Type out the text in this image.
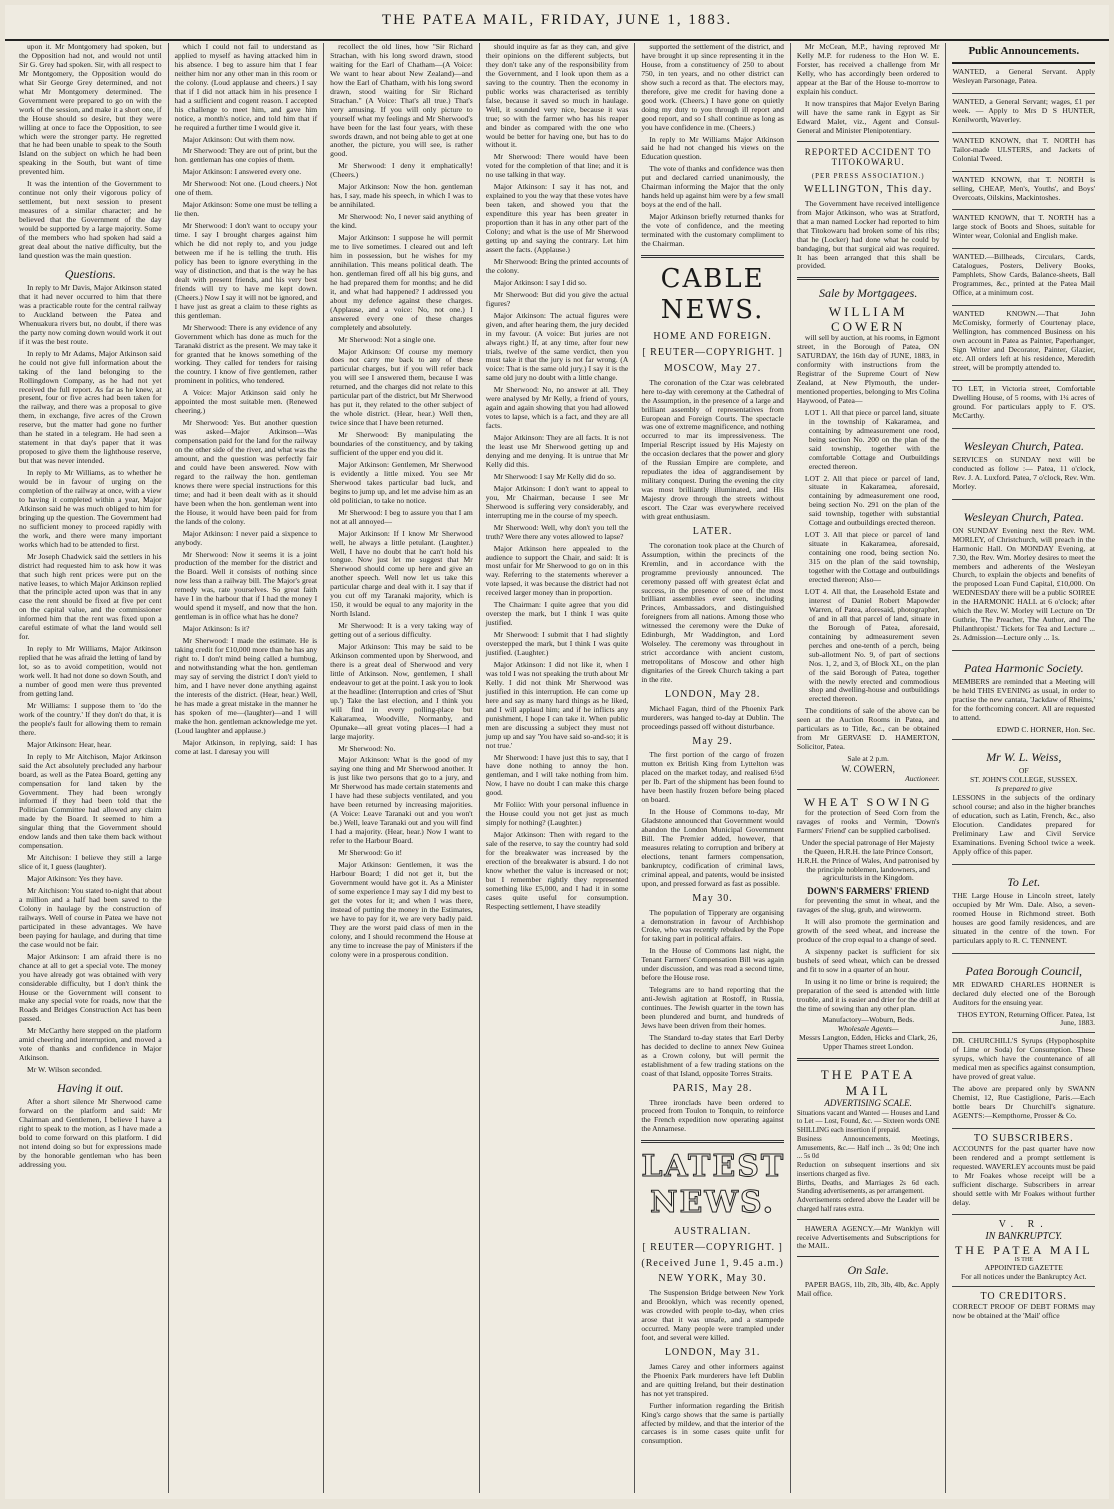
THE PATEA MAIL, FRIDAY, JUNE 1, 1883.

upon it. Mr Montgomery had spoken, but the Opposition had not, and would not until Sir G. Grey had spoken. Sir, with all respect to Mr Montgomery, the Opposition would do what Sir George Grey determined, and not what Mr Montgomery determined. The Government were prepared to go on with the work of the session, and make it a short one, if the House should so desire, but they were willing at once to face the Opposition, to see which were the stronger party. He regretted that he had been unable to speak to the South Island on the subject on which he had been speaking in the South, but want of time prevented him.

It was the intention of the Government to continue not only their vigorous policy of settlement, but next session to present measures of a similar character; and he believed that the Government of the day would be supported by a large majority. Some of the members who had spoken had said a great deal about the native difficulty, but the land question was the main question.

Questions.

In reply to Mr Davis, Major Atkinson stated that it had never occurred to him that there was a practicable route for the central railway to Auckland between the Patea and Whenuakura rivers but, no doubt, if there was the party now coming down would work it out if it was the best route.

In reply to Mr Adams, Major Atkinson said he could not give full information about the taking of the land belonging to the Rollingdown Company, as he had not yet received the full report. As far as he knew, at present, four or five acres had been taken for the railway, and there was a proposal to give them, in exchange, five acres of the Crown reserve, but the matter had gone no further than he stated in a telegram. He had seen a statement in that day's paper that it was proposed to give them the lighthouse reserve, but that was never intended.

In reply to Mr Williams, as to whether he would be in favour of urging on the completion of the railway at once, with a view to having it completed within a year, Major Atkinson said he was much obliged to him for bringing up the question. The Government had no sufficient money to proceed rapidly with the work, and there were many important works which had to be attended to first.

Mr Joseph Chadwick said the settlers in his district had requested him to ask how it was that such high rent prices were put on the native leases, to which Major Atkinson replied that the principle acted upon was that in any case the rent should be fixed at five per cent on the capital value, and the commissioner informed him that the rent was fixed upon a careful estimate of what the land would sell for.

In reply to Mr Williams, Major Atkinson replied that he was afraid the letting of land by lot, so as to avoid competition, would not work well. It had not done so down South, and a number of good men were thus prevented from getting land.

Mr Williams: I suppose them to 'do the work of the country.' If they don't do that, it is the people's fault for allowing them to remain there.

Major Atkinson: Hear, hear.

In reply to Mr Aitchison, Major Atkinson said the Act absolutely precluded any harbour board, as well as the Patea Board, getting any compensation for land taken by the Government. They had been wrongly informed if they had been told that the Politician Committee had allowed any claim made by the Board. It seemed to him a singular thing that the Government should endow lands and then take them back without compensation.

Mr Aitchison: I believe they still a large slice of it, I guess (laughter).

Major Atkinson: Yes they have.

Mr Aitchison: You stated to-night that about a million and a half had been saved to the Colony in haulage by the construction of railways. Well of course in Patea we have not participated in these advantages. We have been paying for haulage, and during that time the case would not be fair.

Major Atkinson: I am afraid there is no chance at all to get a special vote. The money you have already got was obtained with very considerable difficulty, but I don't think the House or the Government will consent to make any special vote for roads, now that the Roads and Bridges Construction Act has been passed.

Mr McCarthy here stepped on the platform amid cheering and interruption, and moved a vote of thanks and confidence in Major Atkinson.

Mr W. Wilson seconded.

Having it out.

After a short silence Mr Sherwood came forward on the platform and said: Mr Chairman and Gentlemen, I believe I have a right to speak to the motion, as I have made a bold to come forward on this platform. I did not intend doing so but for expressions made by the honorable gentleman who has been addressing you.

which I could not fail to understand as applied to myself as having attacked him in his absence. I beg to assure him that I fear neither him nor any other man in this room or the colony. (Loud applause and cheers.) I say that if I did not attack him in his presence I had a sufficient and cogent reason. I accepted his challenge to meet him, and gave him notice, a month's notice, and told him that if he required a further time I would give it.

Major Atkinson: Out with them now.

Mr Sherwood: They are out of print, but the hon. gentleman has one copies of them.

Major Atkinson: I answered every one.

Mr Sherwood: Not one. (Loud cheers.) Not one of them.

Major Atkinson: Some one must be telling a lie then.

Mr Sherwood: I don't want to occupy your time. I say I brought charges against him which he did not reply to, and you judge between me if he is telling the truth. His policy has been to ignore everything in the way of distinction, and that is the way he has dealt with present friends, and his very best friends will try to have me kept down. (Cheers.) Now I say it will not be ignored, and I have just as great a claim to these rights as this gentleman.

Mr Sherwood: There is any evidence of any Government which has done as much for the Taranaki district as the present. We may take it for granted that he knows something of the working. They called for tenders for raising the country. I know of five gentlemen, rather prominent in politics, who tendered.

A Voice: Major Atkinson said only he appointed the most suitable men. (Renewed cheering.)

Mr Sherwood: Yes. But another question was asked—Major Atkinson—Was compensation paid for the land for the railway on the other side of the river, and what was the amount, and the question was perfectly fair and could have been answered. Now with regard to the railway the hon. gentleman knows there were special instructions for this time; and had it been dealt with as it should have been when the hon. gentleman went into the House, it would have been paid for from the lands of the colony.

Major Atkinson: I never paid a sixpence to anybody.

Mr Sherwood: Now it seems it is a joint production of the member for the district and the Board. Well it consists of nothing since now less than a railway bill. The Major's great remedy was, rate yourselves. So great faith have I in the harbour that if I had the money I would spend it myself, and now that the hon. gentleman is in office what has he done?

Major Atkinson: Is it?

Mr Sherwood: I made the estimate. He is taking credit for £10,000 more than he has any right to. I don't mind being called a humbug, and notwithstanding what the hon. gentleman may say of serving the district I don't yield to him, and I have never done anything against the interests of the district. (Hear, hear.) Well, he has made a great mistake in the manner he has spoken of me—(laughter)—and I will make the hon. gentleman acknowledge me yet. (Loud laughter and applause.)

Major Atkinson, in replying, said: I has come at last. I daresay you will

recollect the old lines, how "Sir Richard Strachan, with his long sword drawn, stood waiting for the Earl of Chatham—(A Voice: We want to hear about New Zealand)—and how the Earl of Chatham, with his long sword drawn, stood waiting for Sir Richard Strachan." (A Voice: That's all true.) That's very amusing. If you will only picture to yourself what my feelings and Mr Sherwood's have been for the last four years, with these swords drawn, and not being able to get at one another, the picture, you will see, is rather good.

Mr Sherwood: I deny it emphatically! (Cheers.)

Major Atkinson: Now the hon. gentleman has, I say, made his speech, in which I was to be annihilated.

Mr Sherwood: No, I never said anything of the kind.

Major Atkinson: I suppose he will permit me to live sometimes. I cleared out and left him in possession, but he wishes for my annihilation. This means political death. The hon. gentleman fired off all his big guns, and he had prepared them for months; and he did it, and what had happened? I addressed you about my defence against these charges. (Applause, and a voice: No, not one.) I answered every one of these charges completely and absolutely.

Mr Sherwood: Not a single one.

Major Atkinson: Of course my memory does not carry me back to any of these particular charges, but if you will refer back you will see I answered them, because I was returned, and the charges did not relate to this particular part of the district, but Mr Sherwood has put it, they related to the other subject of the whole district. (Hear, hear.) Well then, twice since that I have been returned.

Mr Sherwood: By manipulating the boundaries of the constituency, and by taking sufficient of the upper end you did it.

Major Atkinson: Gentlemen, Mr Sherwood is evidently a little mixed. You see Mr Sherwood takes particular bad luck, and begins to jump up, and let me advise him as an old politician, to take no notice.

Mr Sherwood: I beg to assure you that I am not at all annoyed—

Major Atkinson: If I know Mr Sherwood well, he always a little petulant. (Laughter.) Well, I have no doubt that he can't hold his tongue. Now just let me suggest that Mr Sherwood should come up here and give an another speech. Well now let us take this particular charge and deal with it. I say that if you cut off my Taranaki majority, which is 150, it would be equal to any majority in the North Island.

Mr Sherwood: It is a very taking way of getting out of a serious difficulty.

Major Atkinson: This may be said to be Atkinson commented upon by Sherwood, and there is a great deal of Sherwood and very little of Atkinson. Now, gentlemen, I shall endeavour to get at the point. I ask you to look at the headline: (Interruption and cries of 'Shut up.') Take the last election, and I think you will find in every polling-place but Kakaramea, Woodville, Normanby, and Opunake—all great voting places—I had a large majority.

Mr Sherwood: No.

Major Atkinson: What is the good of my saying one thing and Mr Sherwood another. It is just like two persons that go to a jury, and Mr Sherwood has made certain statements and I have had these subjects ventilated, and you have been returned by increasing majorities. (A Voice: Leave Taranaki out and you won't be.) Well, leave Taranaki out and you will find I had a majority. (Hear, hear.) Now I want to refer to the Harbour Board.

Mr Sherwood: Go it!

Major Atkinson: Gentlemen, it was the Harbour Board; I did not get it, but the Government would have got it. As a Minister of some experience I may say I did my best to get the votes for it; and when I was there, instead of putting the money in the Estimates, we have to pay for it, we are very badly paid. They are the worst paid class of men in the colony, and I should recommend the House at any time to increase the pay of Ministers if the colony were in a prosperous condition.

should inquire as far as they can, and give their opinions on the different subjects, but they don't take any of the responsibility from the Government, and I look upon them as a saving to the country. Then the economy in public works was characterised as terribly false, because it saved so much in haulage. Well, it sounded very nice, because it was true; so with the farmer who has his reaper and binder as compared with the one who would be better for having one, but has to do without it.

Mr Sherwood: There would have been voted for the completion of that line; and it is no use talking in that way.

Major Atkinson: I say it has not, and explained to you the way that these votes have been taken, and showed you that the expenditure this year has been greater in proportion than it has in any other part of the Colony; and what is the use of Mr Sherwood getting up and saying the contrary. Let him assert the facts. (Applause.)

Mr Sherwood: Bring the printed accounts of the colony.

Major Atkinson: I say I did so.

Mr Sherwood: But did you give the actual figures?

Major Atkinson: The actual figures were given, and after hearing them, the jury decided in my favour. (A voice: But juries are not always right.) If, at any time, after four new trials, twelve of the same verdict, then you must take it that the jury is not far wrong. (A voice: That is the same old jury.) I say it is the same old jury no doubt with a little change.

Mr Sherwood: No, no answer at all. They were analysed by Mr Kelly, a friend of yours, again and again showing that you had allowed votes to lapse, which is a fact, and they are all facts.

Major Atkinson: They are all facts. It is not the least use Mr Sherwood getting up and denying and me denying. It is untrue that Mr Kelly did this.

Mr Sherwood: I say Mr Kelly did do so.

Major Atkinson: I don't want to appeal to you, Mr Chairman, because I see Mr Sherwood is suffering very considerably, and interrupting me in the course of my speech.

Mr Sherwood: Well, why don't you tell the truth? Were there any votes allowed to lapse?

Major Atkinson here appealed to the audience to support the Chair, and said: It is most unfair for Mr Sherwood to go on in this way. Referring to the statements wherever a vote lapsed, it was because the district had not received larger money than in proportion.

The Chairman: I quite agree that you did overstep the mark, but I think I was quite justified.

Mr Sherwood: I submit that I had slightly overstepped the mark, but I think I was quite justified. (Laughter.)

Major Atkinson: I did not like it, when I was told I was not speaking the truth about Mr Kelly. I did not think Mr Sherwood was justified in this interruption. He can come up here and say as many hard things as he liked, and I will applaud him; and if he inflicts any punishment, I hope I can take it. When public men are discussing a subject they must not jump up and say 'You have said so-and-so; it is not true.'

Mr Sherwood: I have just this to say, that I have done nothing to annoy the hon. gentleman, and I will take nothing from him. Now, I have no doubt I can make this charge good.

Mr Foliio: With your personal influence in the House could you not get just as much simply for nothing? (Laughter.)

Major Atkinson: Then with regard to the sale of the reserve, to say the country had sold for the breakwater was increased by the erection of the breakwater is absurd. I do not know whether the value is increased or not; but I remember rightly they represented something like £5,000, and I had it in some cases quite useful for consumption. Respecting settlement, I have steadily

supported the settlement of the district, and have brought it up since representing it in the House, from a constituency of 250 to about 750, in ten years, and no other district can show such a record as that. The electors may, therefore, give me credit for having done a good work. (Cheers.) I have gone on quietly doing my duty to you through ill report and good report, and so I shall continue as long as you have confidence in me. (Cheers.)

In reply to Mr Williams Major Atkinson said he had not changed his views on the Education question.

The vote of thanks and confidence was then put and declared carried unanimously, the Chairman informing the Major that the only hands held up against him were by a few small boys at the end of the hall.

Major Atkinson briefly returned thanks for the vote of confidence, and the meeting terminated with the customary compliment to the Chairman.

CABLE NEWS.
HOME AND FOREIGN.
[ REUTER—COPYRIGHT. ]
MOSCOW, May 27.

The coronation of the Czar was celebrated here to-day with ceremony at the Cathedral of the Assumption, in the presence of a large and brilliant assembly of representatives from European and Foreign Courts. The spectacle was one of extreme magnificence, and nothing occurred to mar its impressiveness. The Imperial Rescript issued by His Majesty on the occasion declares that the power and glory of the Russian Empire are complete, and repudiates the idea of aggrandisement by military conquest. During the evening the city was most brilliantly illuminated, and His Majesty drove through the streets without escort. The Czar was everywhere received with great enthusiasm.

LATER.

The coronation took place at the Church of Assumption, within the precincts of the Kremlin, and in accordance with the programme previously announced. The ceremony passed off with greatest éclat and success, in the presence of one of the most brilliant assemblies ever seen, including Princes, Ambassadors, and distinguished foreigners from all nations. Among those who witnessed the ceremony were the Duke of Edinburgh, Mr Waddington, and Lord Wolseley. The ceremony was throughout in strict accordance with ancient custom, metropolitans of Moscow and other high dignitaries of the Greek Church taking a part in the rite.

LONDON, May 28.

Michael Fagan, third of the Phoenix Park murderers, was hanged to-day at Dublin. The proceedings passed off without disturbance.

May 29.

The first portion of the cargo of frozen mutton ex British King from Lyttelton was placed on the market today, and realised 6½d per lb. Part of the shipment has been found to have been hastily frozen before being placed on board.

In the House of Commons to-day, Mr Gladstone announced that Government would abandon the London Municipal Government Bill. The Premier added, however, that measures relating to corruption and bribery at elections, tenant farmers compensation, bankruptcy, codification of criminal laws, criminal appeal, and patents, would be insisted upon, and pressed forward as fast as possible.

May 30.

The population of Tipperary are organising a demonstration in favour of Archbishop Croke, who was recently rebuked by the Pope for taking part in political affairs.

In the House of Commons last night, the Tenant Farmers' Compensation Bill was again under discussion, and was read a second time, before the House rose.

Telegrams are to hand reporting that the anti-Jewish agitation at Rostoff, in Russia, continues. The Jewish quarter in the town has been plundered and burnt, and hundreds of Jews have been driven from their homes.

The Standard to-day states that Earl Derby has decided to decline to annex New Guinea as a Crown colony, but will permit the establishment of a few trading stations on the coast of that Island, opposite Torres Straits.

PARIS, May 28.

Three ironclads have been ordered to proceed from Toulon to Tonquin, to reinforce the French expedition now operating against the Annamese.

LATEST NEWS.
AUSTRALIAN.
[ REUTER—COPYRIGHT. ]
(Received June 1, 9.45 a.m.)
NEW YORK, May 30.

The Suspension Bridge between New York and Brooklyn, which was recently opened, was crowded with people to-day, when cries arose that it was unsafe, and a stampede occurred. Many people were trampled under foot, and several were killed.

LONDON, May 31.

James Carey and other informers against the Phoenix Park murderers have left Dublin and are quitting Ireland, but their destination has not yet transpired.

Further information regarding the British King's cargo shows that the same is partially affected by mildew, and that the interior of the carcases is in some cases quite unfit for consumption.

Mr McCean, M.P., having reproved Mr Kelly M.P. for rudeness to the Hon W. E. Forster, has received a challenge from Mr Kelly, who has accordingly been ordered to appear at the Bar of the House to-morrow to explain his conduct.

It now transpires that Major Evelyn Baring will have the same rank in Egypt as Sir Edward Malet, viz., Agent and Consul-General and Minister Plenipotentiary.

REPORTED ACCIDENT TO TITOKOWARU.
(PER PRESS ASSOCIATION.)
WELLINGTON, This day.

The Government have received intelligence from Major Atkinson, who was at Stratford, that a man named Locker had reported to him that Titokowaru had broken some of his ribs; that he (Locker) had done what he could by bandaging, but that surgical aid was required. It has been arranged that this shall be provided.

Sale by Mortgagees.
WILLIAM COWERN

will sell by auction, at his rooms, in Egmont street, in the Borough of Patea, ON SATURDAY, the 16th day of JUNE, 1883, in conformity with instructions from the Registrar of the Supreme Court of New Zealand, at New Plymouth, the under-mentioned properties, belonging to Mrs Colina Haywood, of Patea—

LOT 1. All that piece or parcel land, situate in the township of Kakaramea, and containing by admeasurement one rood, being section No. 200 on the plan of the said township, together with the comfortable Cottage and Outbuildings erected thereon.

LOT 2. All that piece or parcel of land, situate in Kakaramea, aforesaid, containing by admeasurement one rood, being section No. 291 on the plan of the said township, together with substantial Cottage and outbuildings erected thereon.

LOT 3. All that piece or parcel of land situate in Kakaramea, aforesaid, containing one rood, being section No. 315 on the plan of the said township, together with the Cottage and outbuildings erected thereon; Also—

LOT 4. All that, the Leasehold Estate and interest of Daniel Robert Mapowder Warren, of Patea, aforesaid, photographer, of and in all that parcel of land, situate in the Borough of Patea, aforesaid, containing by admeasurement seven perches and one-tenth of a perch, being sub-allotment No. 9, of part of sections Nos. 1, 2, and 3, of Block XI., on the plan of the said Borough of Patea, together with the newly erected and commodious shop and dwelling-house and outbuildings erected thereon.

The conditions of sale of the above can be seen at the Auction Rooms in Patea, and particulars as to Title, &c., can be obtained from Mr GERVASE D. HAMERTON, Solicitor, Patea.

Sale at 2 p.m.
W. COWERN,
Auctioneer.
WHEAT SOWING

for the protection of Seed Corn from the ravages of rooks and Vermin, 'Down's Farmers' Friend' can be supplied carbolised.

Under the special patronage of Her Majesty the Queen, H.R.H. the late Prince Consort, H.R.H. the Prince of Wales, And patronised by the principle noblemen, landowners, and agriculturists in the Kingdom.

DOWN'S FARMERS' FRIEND

for preventing the smut in wheat, and the ravages of the slug, grub, and wireworm.

It will also promote the germination and growth of the seed wheat, and increase the produce of the crop equal to a change of seed.

A sixpenny packet is sufficient for six bushels of seed wheat, which can be dressed and fit to sow in a quarter of an hour.

In using it no lime or brine is required; the preparation of the seed is attended with little trouble, and it is easier and drier for the drill at the time of sowing than any other plan.

Manufactory—Woburn, Beds.
Wholesale Agents—
Messrs Langton, Edden, Hicks and Clark, 26, Upper Thames street London.
THE PATEA MAIL
ADVERTISING SCALE.
Situations vacant and Wanted — Houses and Land to Let — Lost, Found, &c. — Sixteen words ONE SHILLING each insertion if prepaid.
Business Announcements, Meetings, Amusements, &c.— Half inch ... 3s 0d; One inch ... 5s 0d
Reduction on subsequent insertions and six insertions charged as five.
Births, Deaths, and Marriages 2s 6d each. Standing advertisements, as per arrangement.
Advertisements ordered above the Leader will be charged half rates extra.

HAWERA AGENCY.—Mr Wanklyn will receive Advertisements and Subscriptions for the MAIL.

On Sale.

PAPER BAGS, 1lb, 2lb, 3lb, 4lb, &c. Apply Mail office.

Public Announcements.

WANTED, a General Servant. Apply Wesleyan Parsonage, Patea.

WANTED, a General Servant; wages, £1 per week. — Apply to Mrs D S HUNTER, Kenilworth, Waverley.

WANTED KNOWN, that T. NORTH has Tailor-made ULSTERS, and Jackets of Colonial Tweed.

WANTED KNOWN, that T. NORTH is selling, CHEAP, Men's, Youths', and Boys' Overcoats, Oilskins, Mackintoshes.

WANTED KNOWN, that T. NORTH has a large stock of Boots and Shoes, suitable for Winter wear, Colonial and English make.

WANTED.—Billheads, Circulars, Cards, Catalogues, Posters, Delivery Books, Pamphlets, Show Cards, Balance-sheets, Ball Programmes, &c., printed at the Patea Mail Office, at a minimum cost.

WANTED KNOWN.—That John McComisky, formerly of Courtenay place, Wellington, has commenced Business on his own account in Patea as Painter, Paperhanger, Sign Writer and Decorator, Painter, Glazier, etc. All orders left at his residence, Meredith street, will be promptly attended to.

TO LET, in Victoria street, Comfortable Dwelling House, of 5 rooms, with 1¼ acres of ground. For particulars apply to F. O'S. McCarthy.

Wesleyan Church, Patea.

SERVICES on SUNDAY next will be conducted as follow :— Patea, 11 o'clock, Rev. J. A. Luxford. Patea, 7 o'clock, Rev. Wm. Morley.

Wesleyan Church, Patea.

ON SUNDAY Evening next the Rev. WM. MORLEY, of Christchurch, will preach in the Harmonic Hall. On MONDAY Evening, at 7.30, the Rev. Wm. Morley desires to meet the members and adherents of the Wesleyan Church, to explain the objects and benefits of the proposed Loan Fund Capital, £10,000. On WEDNESDAY there will be a public SOIREE in the HARMONIC HALL at 6 o'clock; after which the Rev. W. Morley will Lecture on 'Dr Guthrie, The Preacher, The Author, and The Philanthropist.' Tickets for Tea and Lecture ... 2s. Admission—Lecture only ... 1s.

Patea Harmonic Society.

MEMBERS are reminded that a Meeting will be held THIS EVENING as usual, in order to practise the new cantata, 'Jackdaw of Rheims,' for the forthcoming concert. All are requested to attend.

EDWD C. HORNER, Hon. Sec.
Mr W. L. Weiss,
OF
ST. JOHN'S COLLEGE, SUSSEX.
Is prepared to give

LESSONS in the subjects of the ordinary school course; and also in the higher branches of education, such as Latin, French, &c., also Elocution. Candidates prepared for Preliminary Law and Civil Service Examinations. Evening School twice a week. Apply office of this paper.

To Let.

THE Large House in Lincoln street, lately occupied by Mr Wm. Dale. Also, a seven-roomed House in Richmond street. Both houses are good family residences, and are situated in the centre of the town. For particulars apply to R. C. TENNENT.

Patea Borough Council,

MR EDWARD CHARLES HORNER is declared duly elected one of the Borough Auditors for the ensuing year.

THOS EYTON, Returning Officer. Patea, 1st June, 1883.

DR. CHURCHILL'S Syrups (Hypophosphite of Lime or Soda) for Consumption. These syrups, which have the countenance of all medical men as specifics against consumption, have proved of great value.

The above are prepared only by SWANN Chemist, 12, Rue Castiglione, Paris.—Each bottle bears Dr Churchill's signature. AGENTS:—Kempthorne, Prosser & Co.

TO SUBSCRIBERS.

ACCOUNTS for the past quarter have now been rendered and a prompt settlement is requested. WAVERLEY accounts must be paid to Mr Foakes whose receipt will be a sufficient discharge. Subscribers in arrear should settle with Mr Foakes without further delay.

V. R.
IN BANKRUPTCY.
THE PATEA MAIL
IS THE
APPOINTED GAZETTE
For all notices under the Bankruptcy Act.
TO CREDITORS.

CORRECT PROOF OF DEBT FORMS may now be obtained at the 'Mail' office
